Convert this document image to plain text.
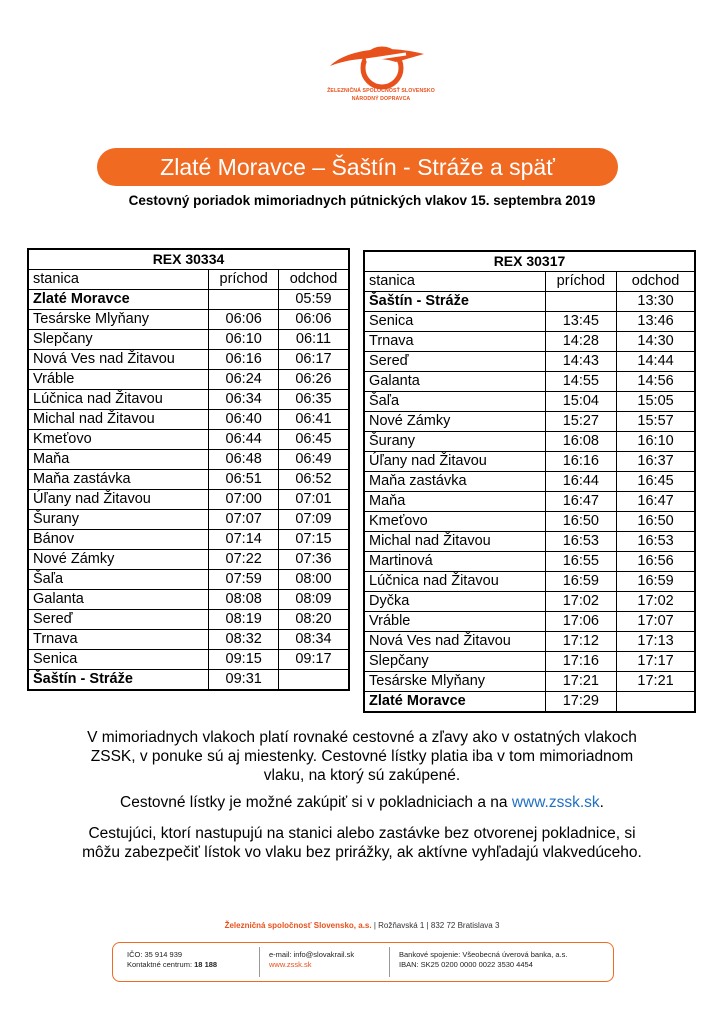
ŽELEZNIČNÁ SPOLOČNOSŤ SLOVENSKO
NÁRODNÝ DOPRAVCA
Zlaté Moravce – Šaštín - Stráže a späť
Cestovný poriadok mimoriadnych pútnických vlakov 15. septembra 2019
REX 30334		
stanica	príchod	odchod
Zlaté Moravce		05:59
Tesárske Mlyňany	06:06	06:06
Slepčany	06:10	06:11
Nová Ves nad Žitavou	06:16	06:17
Vráble	06:24	06:26
Lúčnica nad Žitavou	06:34	06:35
Michal nad Žitavou	06:40	06:41
Kmeťovo	06:44	06:45
Maňa	06:48	06:49
Maňa zastávka	06:51	06:52
Úľany nad Žitavou	07:00	07:01
Šurany	07:07	07:09
Bánov	07:14	07:15
Nové Zámky	07:22	07:36
Šaľa	07:59	08:00
Galanta	08:08	08:09
Sereď	08:19	08:20
Trnava	08:32	08:34
Senica	09:15	09:17
Šaštín - Stráže	09:31	
REX 30317		
stanica	príchod	odchod
Šaštín - Stráže		13:30
Senica	13:45	13:46
Trnava	14:28	14:30
Sereď	14:43	14:44
Galanta	14:55	14:56
Šaľa	15:04	15:05
Nové Zámky	15:27	15:57
Šurany	16:08	16:10
Úľany nad Žitavou	16:16	16:37
Maňa zastávka	16:44	16:45
Maňa	16:47	16:47
Kmeťovo	16:50	16:50
Michal nad Žitavou	16:53	16:53
Martinová	16:55	16:56
Lúčnica nad Žitavou	16:59	16:59
Dyčka	17:02	17:02
Vráble	17:06	17:07
Nová Ves nad Žitavou	17:12	17:13
Slepčany	17:16	17:17
Tesárske Mlyňany	17:21	17:21
Zlaté Moravce	17:29	
V mimoriadnych vlakoch platí rovnaké cestovné a zľavy ako v ostatných vlakoch ZSSK, v ponuke sú aj miestenky. Cestovné lístky platia iba v tom mimoriadnom vlaku, na ktorý sú zakúpené.
Cestovné lístky je možné zakúpiť si v pokladniciach a na www.zssk.sk.
Cestujúci, ktorí nastupujú na stanici alebo zastávke bez otvorenej pokladnice, si môžu zabezpečiť lístok vo vlaku bez prirážky, ak aktívne vyhľadajú vlakvedúceho.
Železničná spoločnosť Slovensko, a.s. | Rožňavská 1 | 832 72 Bratislava 3
IČO: 35 914 939
Kontaktné centrum: 18 188
e-mail: info@slovakrail.sk
www.zssk.sk
Bankové spojenie: Všeobecná úverová banka, a.s.
IBAN: SK25 0200 0000 0022 3530 4454
